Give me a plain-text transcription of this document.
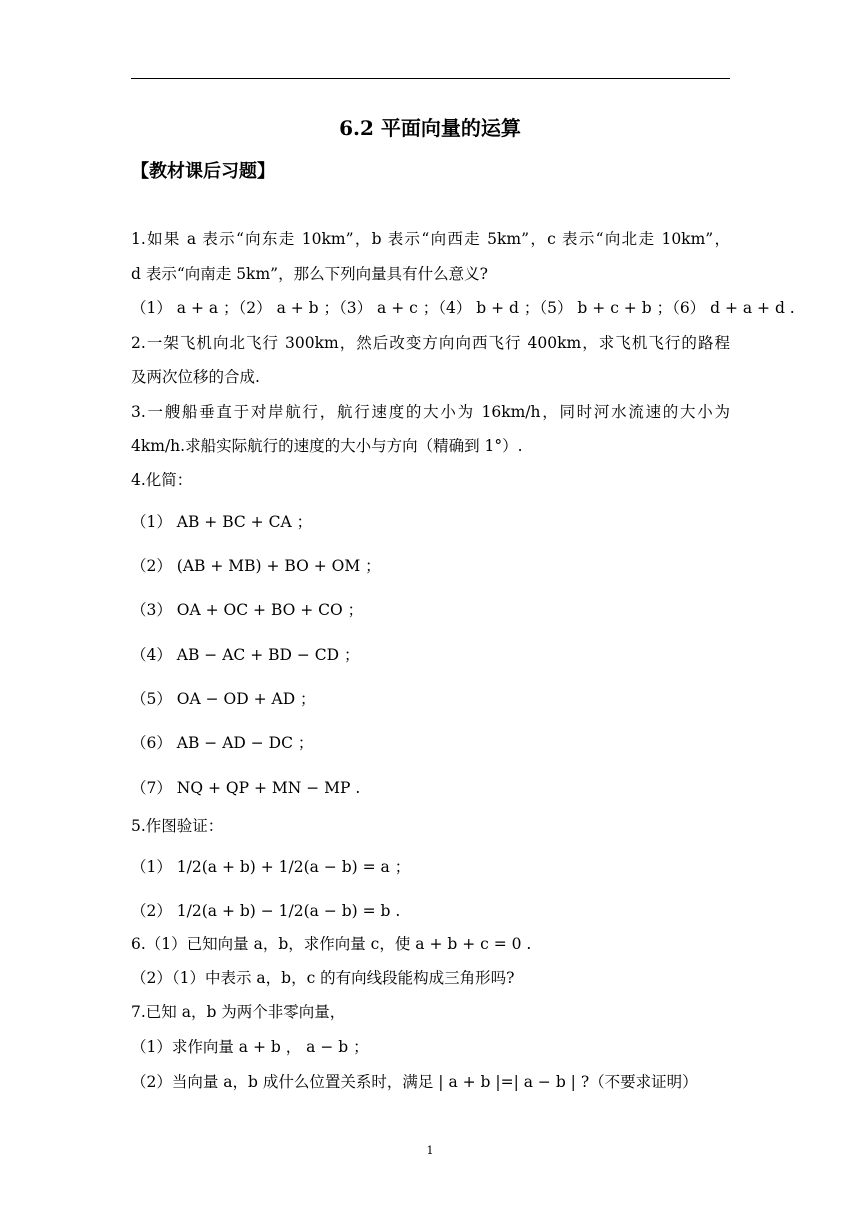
6.2 平面向量的运算
【教材课后习题】
1.如果 a 表示“向东走 10km”，b 表示“向西走 5km”，c 表示“向北走 10km”，
d 表示“向南走 5km”，那么下列向量具有什么意义?
（1） a + a ；（2） a + b ；（3） a + c ；（4） b + d ；（5） b + c + b ；（6） d + a + d .
2.一架飞机向北飞行 300km，然后改变方向向西飞行 400km，求飞机飞行的路程
及两次位移的合成.
3.一艘船垂直于对岸航行，航行速度的大小为 16km/h，同时河水流速的大小为
4km/h.求船实际航行的速度的大小与方向（精确到 1°）.
4.化简：
（1） AB + BC + CA ；
（2） (AB + MB) + BO + OM ；
（3） OA + OC + BO + CO ；
（4） AB − AC + BD − CD ；
（5） OA − OD + AD ；
（6） AB − AD − DC ；
（7） NQ + QP + MN − MP .
5.作图验证：
（1） 1/2(a + b) + 1/2(a − b) = a ；
（2） 1/2(a + b) − 1/2(a − b) = b .
6.（1）已知向量 a，b，求作向量 c，使 a + b + c = 0 .
（2）（1）中表示 a，b，c 的有向线段能构成三角形吗?
7.已知 a，b 为两个非零向量，
（1）求作向量 a + b ， a − b ；
（2）当向量 a，b 成什么位置关系时，满足 | a + b |=| a − b | ?（不要求证明）
1
